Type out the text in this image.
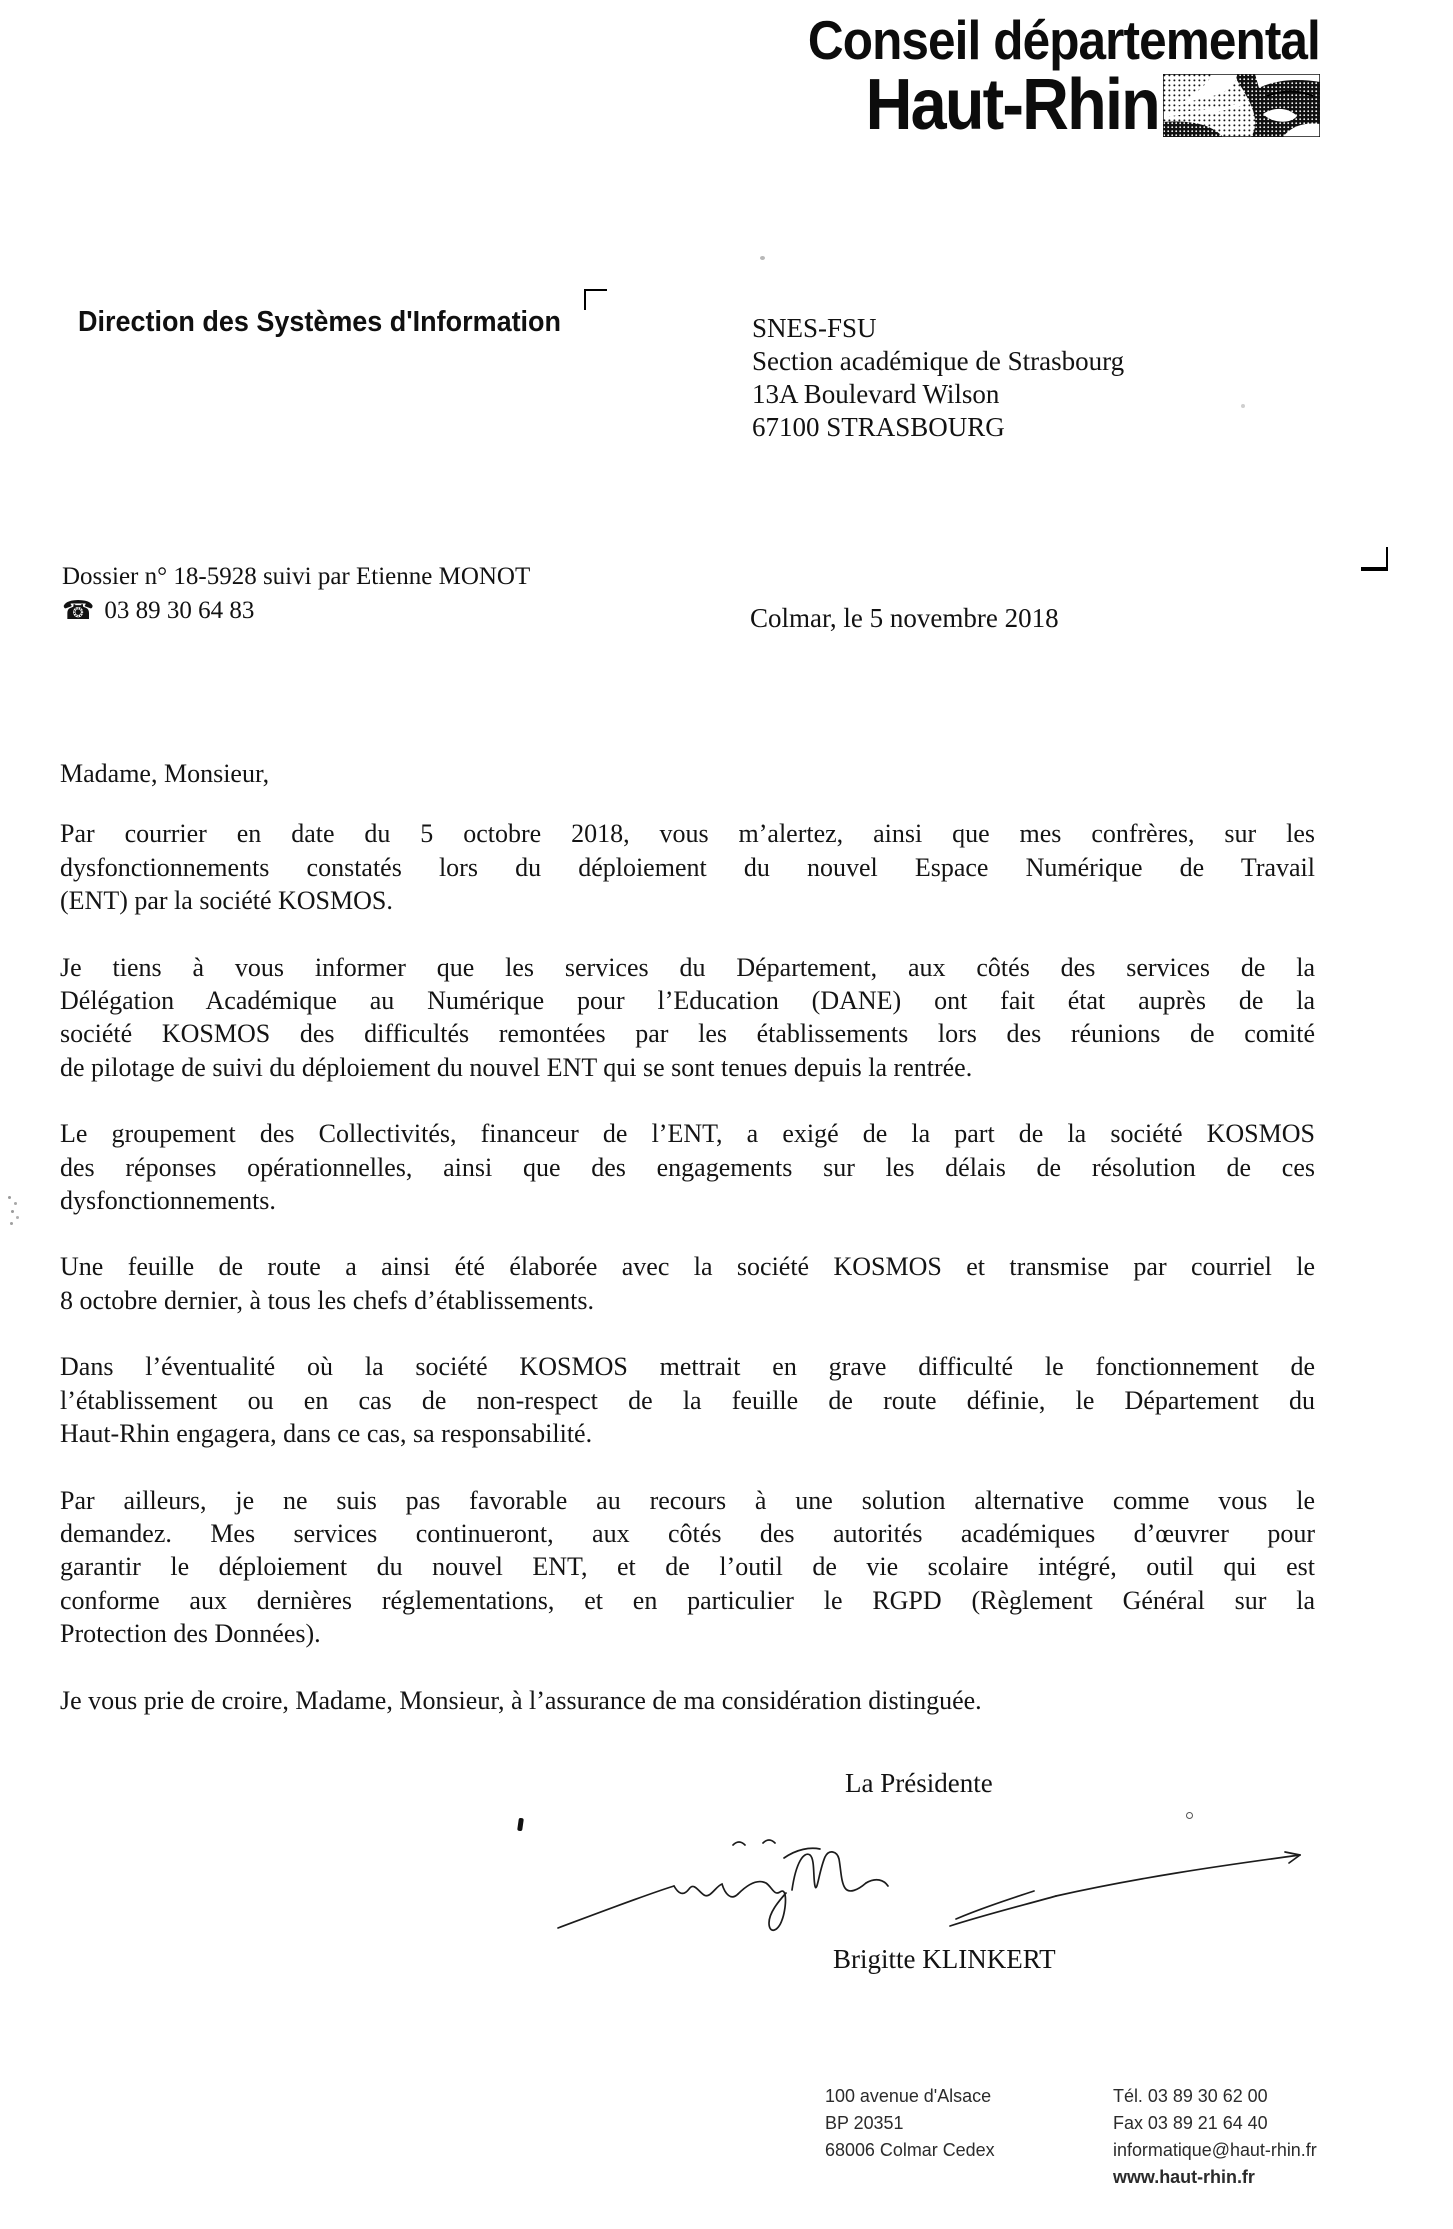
Conseil départemental
Haut-Rhin
Direction des Systèmes d'Information	SNES-FSU
Section académique de Strasbourg
13A Boulevard Wilson
67100 STRASBOURG
Dossier n° 18-5928 suivi par Etienne MONOT
☎ 03 89 30 64 83	Colmar, le 5 novembre 2018
Madame, Monsieur,
Par courrier en date du 5 octobre 2018, vous m’alertez, ainsi que mes confrères, sur les
dysfonctionnements constatés lors du déploiement du nouvel Espace Numérique de Travail
(ENT) par la société KOSMOS.
Je tiens à vous informer que les services du Département, aux côtés des services de la
Délégation Académique au Numérique pour l’Education (DANE) ont fait état auprès de la
société KOSMOS des difficultés remontées par les établissements lors des réunions de comité
de pilotage de suivi du déploiement du nouvel ENT qui se sont tenues depuis la rentrée.
Le groupement des Collectivités, financeur de l’ENT, a exigé de la part de la société KOSMOS
des réponses opérationnelles, ainsi que des engagements sur les délais de résolution de ces
dysfonctionnements.
Une feuille de route a ainsi été élaborée avec la société KOSMOS et transmise par courriel le
8 octobre dernier, à tous les chefs d’établissements.
Dans l’éventualité où la société KOSMOS mettrait en grave difficulté le fonctionnement de
l’établissement ou en cas de non-respect de la feuille de route définie, le Département du
Haut-Rhin engagera, dans ce cas, sa responsabilité.
Par ailleurs, je ne suis pas favorable au recours à une solution alternative comme vous le
demandez. Mes services continueront, aux côtés des autorités académiques d’œuvrer pour
garantir le déploiement du nouvel ENT, et de l’outil de vie scolaire intégré, outil qui est
conforme aux dernières réglementations, et en particulier le RGPD (Règlement Général sur la
Protection des Données).
Je vous prie de croire, Madame, Monsieur, à l’assurance de ma considération distinguée.
La Présidente
Brigitte KLINKERT
100 avenue d'Alsace
BP 20351
68006 Colmar Cedex
Tél. 03 89 30 62 00
Fax 03 89 21 64 40
informatique@haut-rhin.fr
www.haut-rhin.fr
